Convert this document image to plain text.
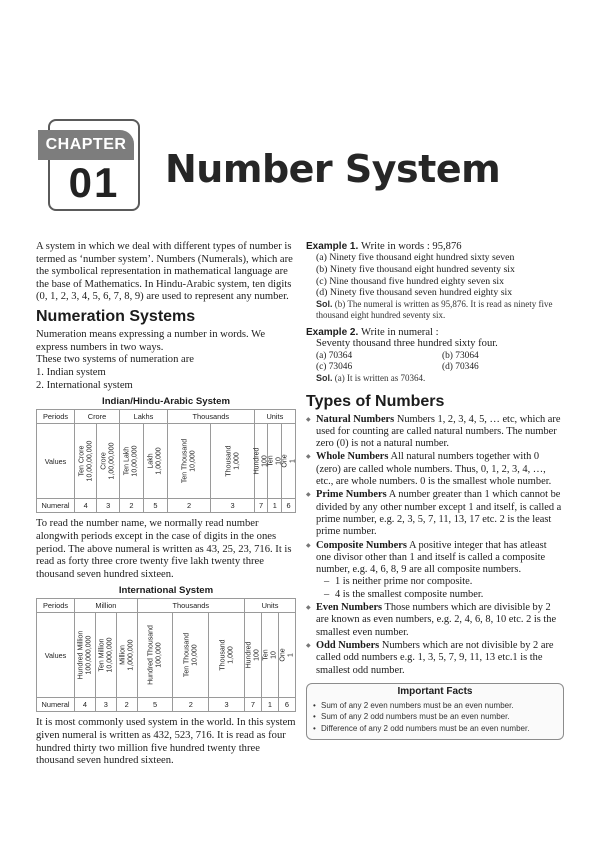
CHAPTER
01	Number System

A system in which we deal with different types of number is termed as ‘number system’. Numbers (Numerals), which are the symbolical representation in mathematical language are the base of Mathematics. In Hindu-Arabic system, ten digits (0, 1, 2, 3, 4, 5, 6, 7, 8, 9) are used to represent any number.

Numeration Systems

Numeration means expressing a number in words. We express numbers in two ways.

These two systems of numeration are

1. Indian system
2. International system
Indian/Hindu-Arabic System
Periods	Crore		Lakhs		Thousands		Units		
Values	Ten Crore 10,00,00,000	Crore 1,00,00,000	Ten Lakh 10,00,000	Lakh 1,00,000	Ten Thousand 10,000	Thousand 1,000	Hundred 100	Ten 10	One 1

Numeral	4	3	2	5	2	3	7	1	6

To read the number name, we normally read number alongwith periods except in the case of digits in the ones period. The above numeral is written as 43, 25, 23, 716. It is read as forty three crore twenty five lakh twenty three thousand seven hundred sixteen.

International System
Periods	Million			Thousands			Units		
Values	Hundred Million 100,000,000	Ten Million 10,000,000	Million 1,000,000	Hundred Thousand 100,000	Ten Thousand 10,000	Thousand 1,000	Hundred 100	Ten 10	One 1

Numeral	4	3	2	5	2	3	7	1	6

It is most commonly used system in the world. In this system given numeral is written as 432, 523, 716. It is read as four hundred thirty two million five hundred twenty three thousand seven hundred sixteen.

Example 1. Write in words : 95,876
(a) Ninety five thousand eight hundred sixty seven
(b) Ninety five thousand eight hundred seventy six
(c) Nine thousand five hundred eighty seven six
(d) Ninety five thousand seven hundred eighty six

Sol. (b) The numeral is written as 95,876. It is read as ninety five thousand eight hundred seventy six.

Example 2. Write in numeral :

Seventy thousand three hundred sixty four.

(a) 70364	(b) 73064
(c) 73046	(d) 70346

Sol. (a) It is written as 70364.

Types of Numbers
◆ Natural Numbers Numbers 1, 2, 3, 4, 5, … etc, which are used for counting are called natural numbers. The number zero (0) is not a natural number.
◆ Whole Numbers All natural numbers together with 0 (zero) are called whole numbers. Thus, 0, 1, 2, 3, 4, …, etc., are whole numbers. 0 is the smallest whole number.
◆ Prime Numbers A number greater than 1 which cannot be divided by any other number except 1 and itself, is called a prime number, e.g. 2, 3, 5, 7, 11, 13, 17 etc. 2 is the least prime number.
◆ Composite Numbers A positive integer that has atleast one divisor other than 1 and itself is called a composite number, e.g. 4, 6, 8, 9 are all composite numbers.
– 1 is neither prime nor composite.
– 4 is the smallest composite number.
◆ Even Numbers Those numbers which are divisible by 2 are known as even numbers, e.g. 2, 4, 6, 8, 10 etc. 2 is the smallest even number.
◆ Odd Numbers Numbers which are not divisible by 2 are called odd numbers e.g. 1, 3, 5, 7, 9, 11, 13 etc.1 is the smallest odd number.
Important Facts
• Sum of any 2 even numbers must be an even number.
• Sum of any 2 odd numbers must be an even number.
• Difference of any 2 odd numbers must be an even number.
